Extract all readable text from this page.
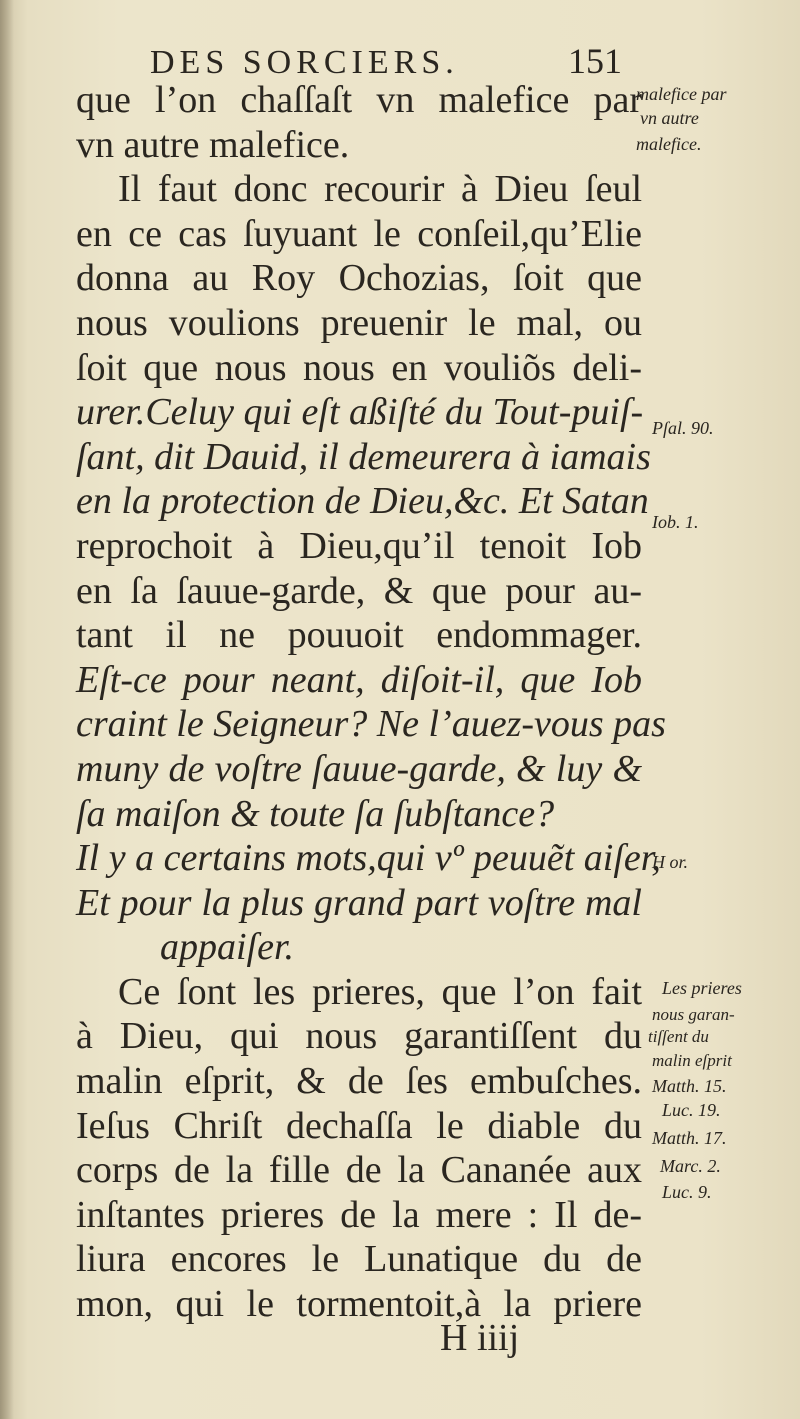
DES SORCIERS.	151
que l’on chaſſaſt vn malefice par
vn autre malefice.
Il faut donc recourir à Dieu ſeul
en ce cas ſuyuant le conſeil,qu’Elie
donna au Roy Ochozias, ſoit que
nous voulions preuenir le mal, ou
ſoit que nous nous en vouliõs deli-
urer.Celuy qui eſt aßiſté du Tout-puiſ-
ſant, dit Dauid, il demeurera à iamais
en la protection de Dieu,&c. Et Satan
reprochoit à Dieu,qu’il tenoit Iob
en ſa ſauue-garde, & que pour au-
tant il ne pouuoit endommager.
Eſt-ce pour neant, diſoit-il, que Iob
craint le Seigneur? Ne l’auez-vous pas
muny de voſtre ſauue-garde, & luy &
ſa maiſon & toute ſa ſubſtance?
Il y a certains mots,qui vº peuuẽt aiſer,
Et pour la plus grand part voſtre mal
appaiſer.
Ce ſont les prieres, que l’on fait
à Dieu, qui nous garantiſſent du
malin eſprit, & de ſes embuſches.
Ieſus Chriſt dechaſſa le diable du
corps de la fille de la Cananée aux
inſtantes prieres de la mere : Il de-
liura encores le Lunatique du de
mon, qui le tormentoit,à la priere
malefice par
vn autre
malefice.
Pſal. 90.
Iob. 1.
H or.
Les prieres
nous garan-
tiſſent du
malin eſprit
Matth. 15.
Luc. 19.
Matth. 17.
Marc. 2.
Luc. 9.
H iiij
